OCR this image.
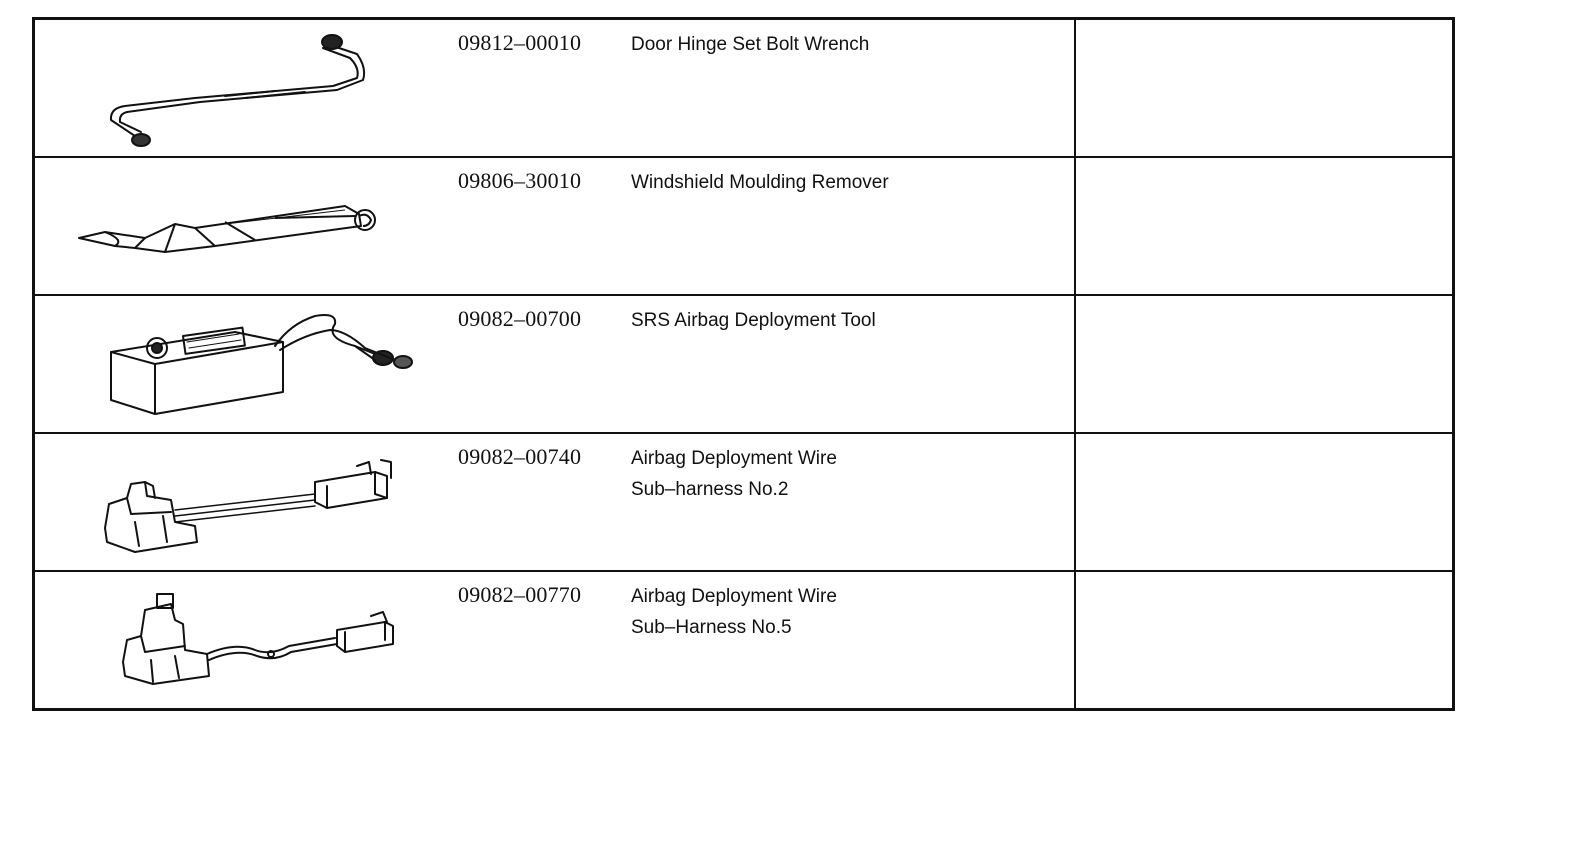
09812–00010 Door Hinge Set Bolt Wrench	

09806–30010 Windshield Moulding Remover	

09082–00700 SRS Airbag Deployment Tool	

09082–00740 Airbag Deployment Wire
Sub–harness No.2	

09082–00770 Airbag Deployment Wire
Sub–Harness No.5	
